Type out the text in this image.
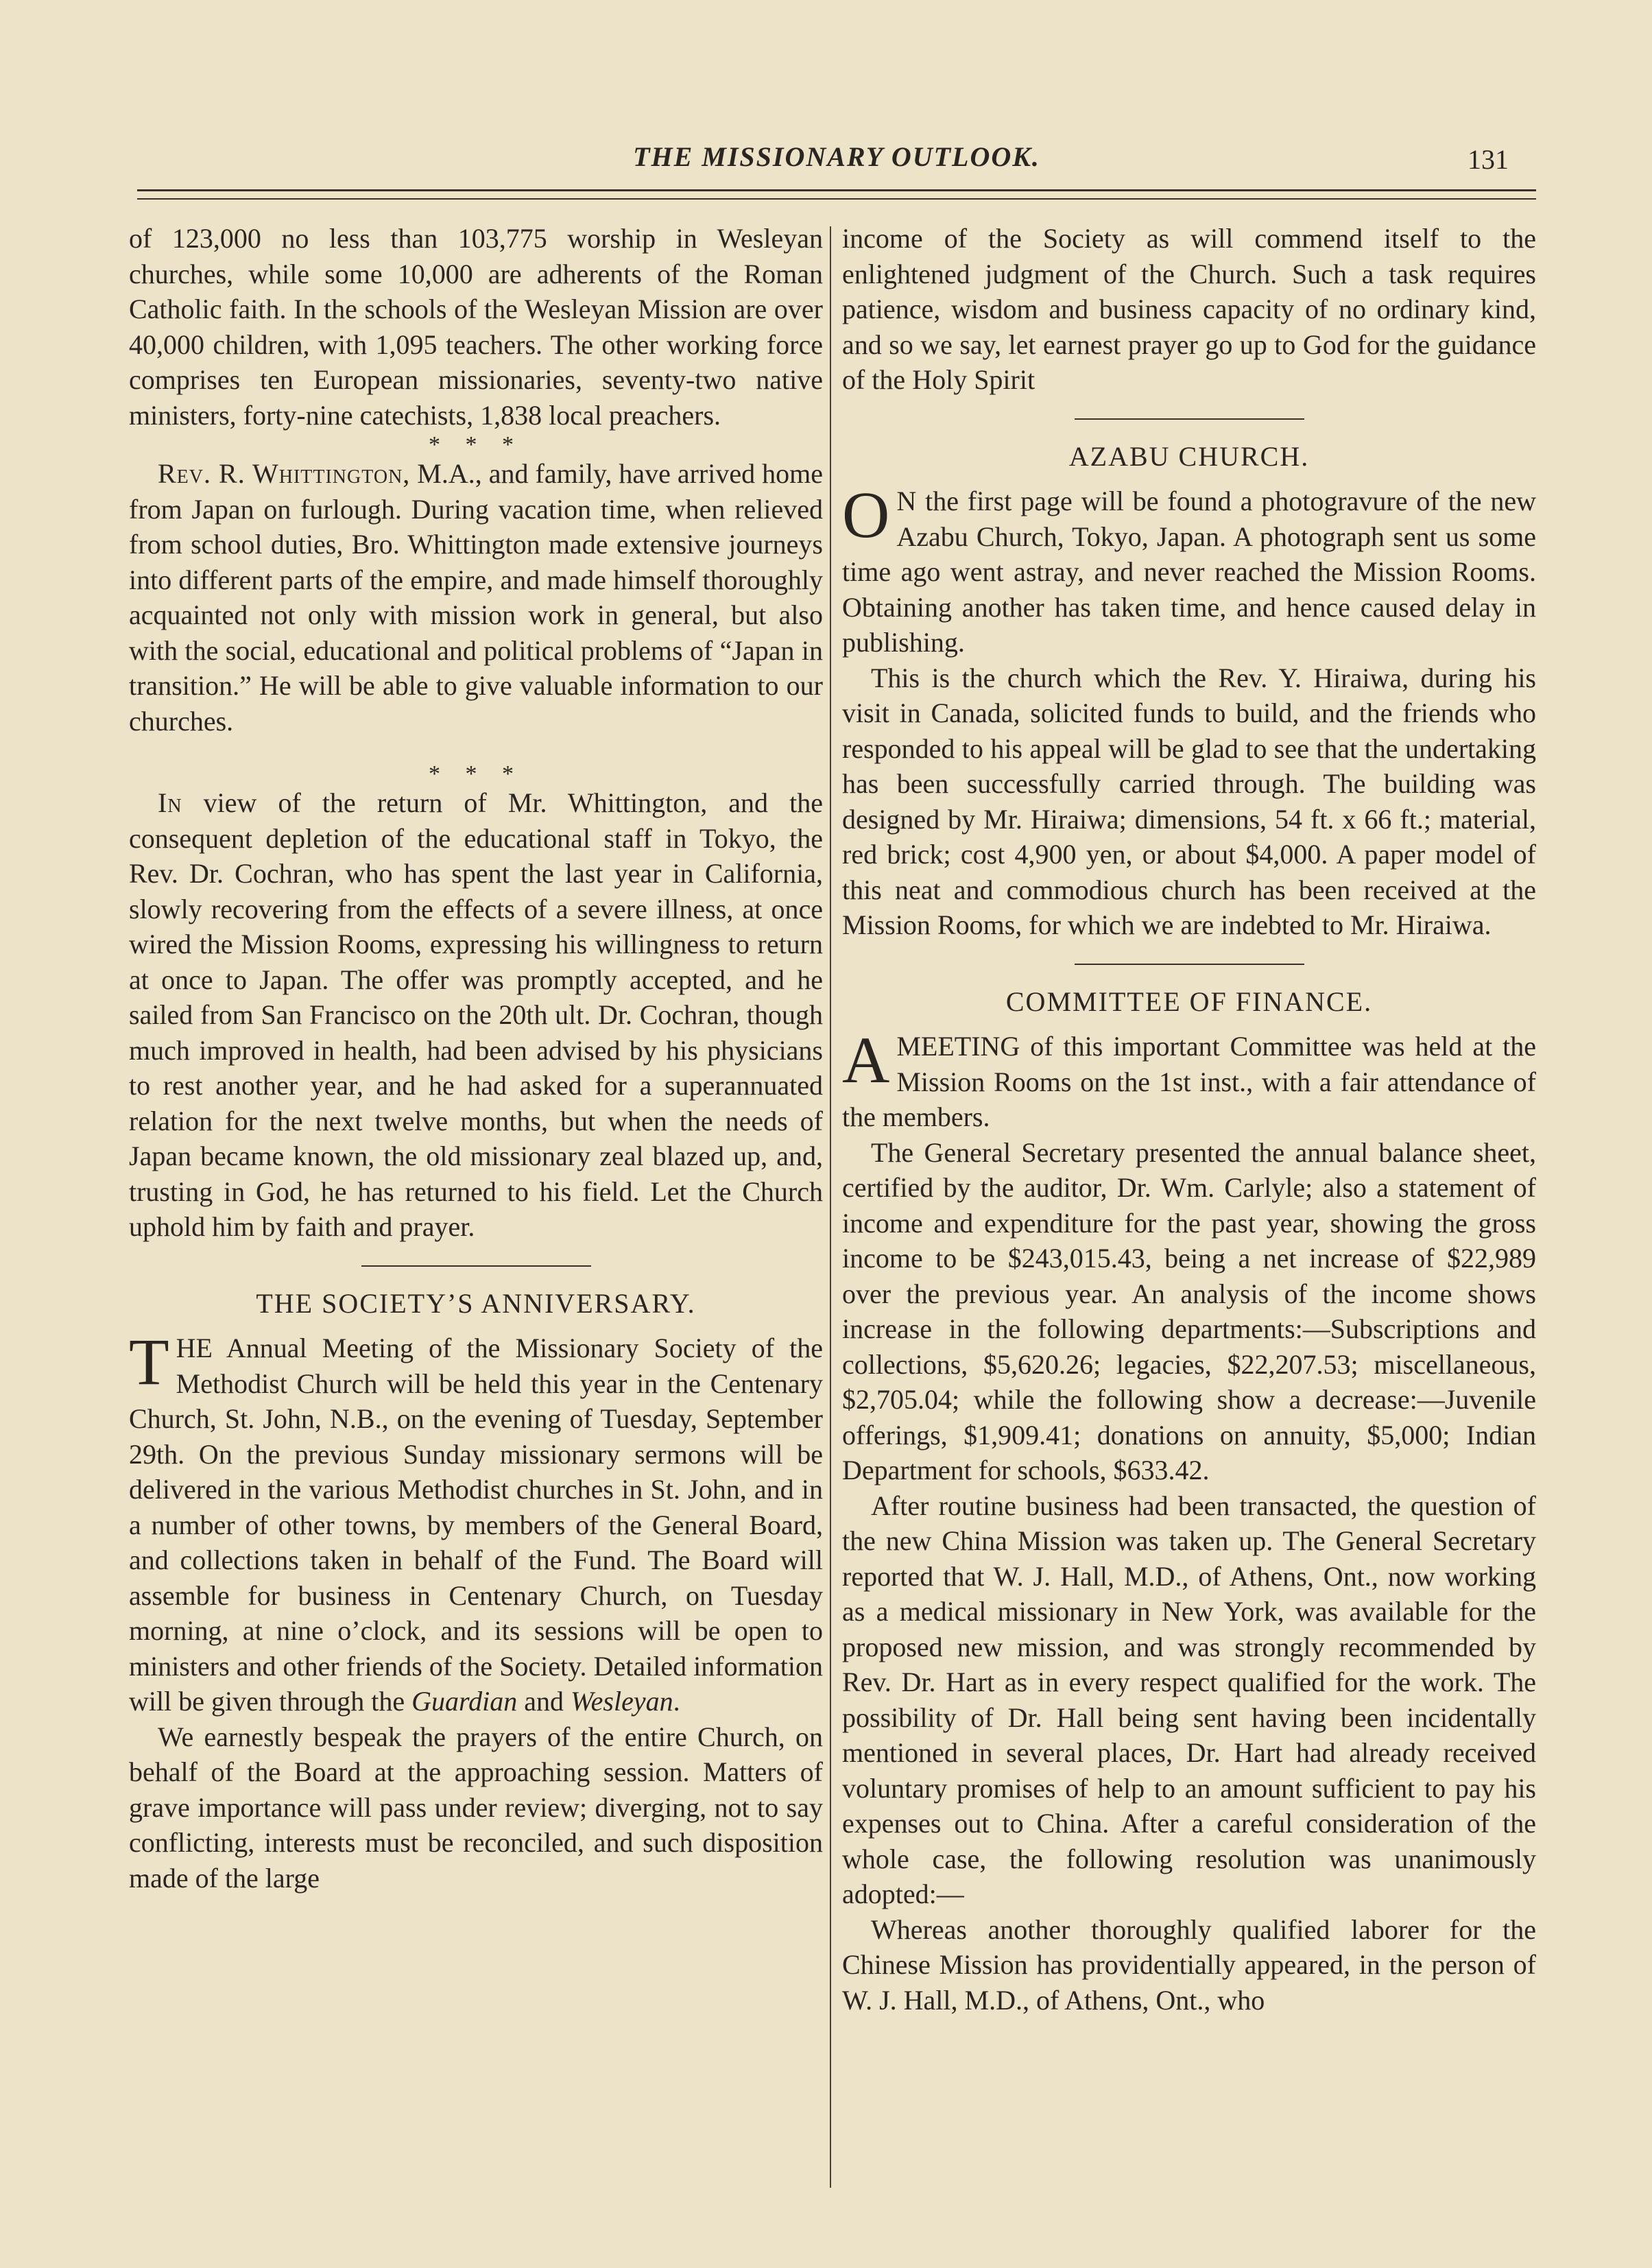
THE MISSIONARY OUTLOOK.	131

of 123,000 no less than 103,775 worship in Wesleyan churches, while some 10,000 are adherents of the Roman Catholic faith. In the schools of the Wesleyan Mission are over 40,000 children, with 1,095 teachers. The other working force comprises ten European missionaries, seventy-two native ministers, forty-nine catechists, 1,838 local preachers.

* * *

Rev. R. Whittington, M.A., and family, have arrived home from Japan on furlough. During vacation time, when relieved from school duties, Bro. Whittington made extensive journeys into different parts of the empire, and made himself thoroughly acquainted not only with mission work in general, but also with the social, educational and political problems of “Japan in transition.” He will be able to give valuable information to our churches.

* * *

In view of the return of Mr. Whittington, and the consequent depletion of the educational staff in Tokyo, the Rev. Dr. Cochran, who has spent the last year in California, slowly recovering from the effects of a severe illness, at once wired the Mission Rooms, expressing his willingness to return at once to Japan. The offer was promptly accepted, and he sailed from San Francisco on the 20th ult. Dr. Cochran, though much improved in health, had been advised by his physicians to rest another year, and he had asked for a superannuated relation for the next twelve months, but when the needs of Japan became known, the old missionary zeal blazed up, and, trusting in God, he has returned to his field. Let the Church uphold him by faith and prayer.

THE SOCIETY’S ANNIVERSARY.

THE Annual Meeting of the Missionary Society of the Methodist Church will be held this year in the Centenary Church, St. John, N.B., on the evening of Tuesday, September 29th. On the previous Sunday missionary sermons will be delivered in the various Methodist churches in St. John, and in a number of other towns, by members of the General Board, and collections taken in behalf of the Fund. The Board will assemble for business in Centenary Church, on Tuesday morning, at nine o’clock, and its sessions will be open to ministers and other friends of the Society. Detailed information will be given through the Guardian and Wesleyan.

We earnestly bespeak the prayers of the entire Church, on behalf of the Board at the approaching session. Matters of grave importance will pass under review; diverging, not to say conflicting, interests must be reconciled, and such disposition made of the large

income of the Society as will commend itself to the enlightened judgment of the Church. Such a task requires patience, wisdom and business capacity of no ordinary kind, and so we say, let earnest prayer go up to God for the guidance of the Holy Spirit

AZABU CHURCH.

O N the first page will be found a photogravure of the new Azabu Church, Tokyo, Japan. A photograph sent us some time ago went astray, and never reached the Mission Rooms. Obtaining another has taken time, and hence caused delay in publishing.

This is the church which the Rev. Y. Hiraiwa, during his visit in Canada, solicited funds to build, and the friends who responded to his appeal will be glad to see that the undertaking has been successfully carried through. The building was designed by Mr. Hiraiwa; dimensions, 54 ft. x 66 ft.; material, red brick; cost 4,900 yen, or about $4,000. A paper model of this neat and commodious church has been received at the Mission Rooms, for which we are indebted to Mr. Hiraiwa.

COMMITTEE OF FINANCE.

A MEETING of this important Committee was held at the Mission Rooms on the 1st inst., with a fair attendance of the members.

The General Secretary presented the annual balance sheet, certified by the auditor, Dr. Wm. Carlyle; also a statement of income and expenditure for the past year, showing the gross income to be $243,015.43, being a net increase of $22,989 over the previous year. An analysis of the income shows increase in the following departments:—Subscriptions and collections, $5,620.26; legacies, $22,207.53; miscellaneous, $2,705.04; while the following show a decrease:—Juvenile offerings, $1,909.41; donations on annuity, $5,000; Indian Department for schools, $633.42.

After routine business had been transacted, the question of the new China Mission was taken up. The General Secretary reported that W. J. Hall, M.D., of Athens, Ont., now working as a medical missionary in New York, was available for the proposed new mission, and was strongly recommended by Rev. Dr. Hart as in every respect qualified for the work. The possibility of Dr. Hall being sent having been incidentally mentioned in several places, Dr. Hart had already received voluntary promises of help to an amount sufficient to pay his expenses out to China. After a careful consideration of the whole case, the following resolution was unanimously adopted:—

Whereas another thoroughly qualified laborer for the Chinese Mission has providentially appeared, in the person of W. J. Hall, M.D., of Athens, Ont., who
